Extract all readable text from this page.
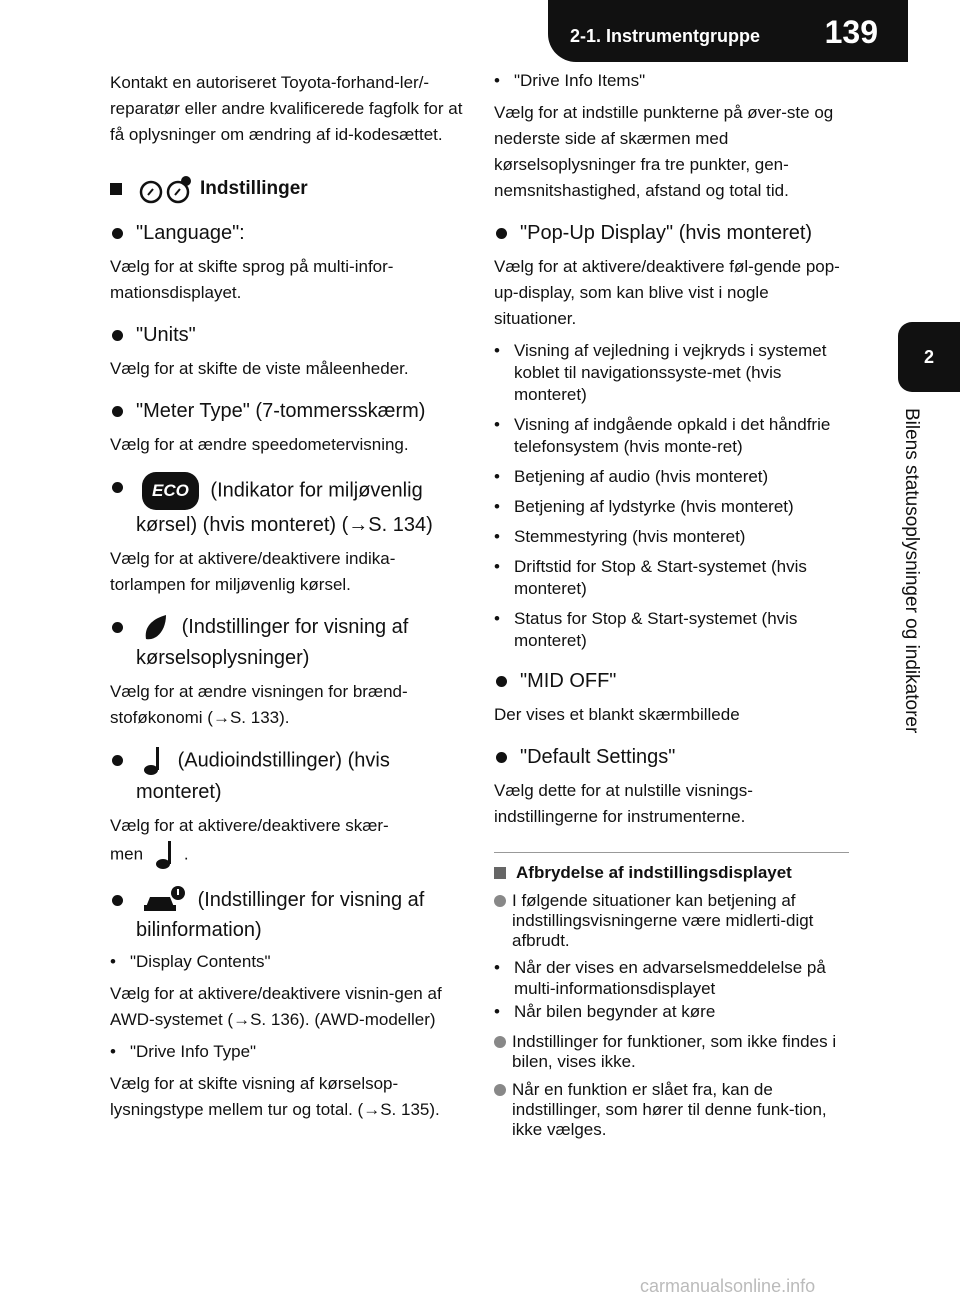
2-1. Instrumentgruppe 139
2
Bilens statusoplysninger og indikatorer

Kontakt en autoriseret Toyota-forhand-ler/-reparatør eller andre kvalificerede fagfolk for at få oplysninger om ændring af id-kodesættet.

Indstillinger
"Language":

Vælg for at skifte sprog på multi-infor-mationsdisplayet.

"Units"

Vælg for at skifte de viste måleenheder.

"Meter Type" (7-tommersskærm)

Vælg for at ændre speedometervisning.

ECO (Indikator for miljøvenlig kørsel) (hvis monteret) (→S. 134)

Vælg for at aktivere/deaktivere indika-torlampen for miljøvenlig kørsel.

(Indstillinger for visning af kørselsoplysninger)

Vælg for at ændre visningen for brænd-stoføkonomi (→S. 133).

(Audioindstillinger) (hvis monteret)

Vælg for at aktivere/deaktivere skær-
men .

(Indstillinger for visning af bilinformation)
• "Display Contents"

Vælg for at aktivere/deaktivere visnin-gen af AWD-systemet (→S. 136). (AWD-modeller)

• "Drive Info Type"

Vælg for at skifte visning af kørselsop-lysningstype mellem tur og total. (→S. 135).

• "Drive Info Items"

Vælg for at indstille punkterne på øver-ste og nederste side af skærmen med kørselsoplysninger fra tre punkter, gen-nemsnitshastighed, afstand og total tid.

"Pop-Up Display" (hvis monteret)

Vælg for at aktivere/deaktivere føl-gende pop-up-display, som kan blive vist i nogle situationer.

• Visning af vejledning i vejkryds i systemet koblet til navigationssyste-met (hvis monteret)
• Visning af indgående opkald i det håndfrie telefonsystem (hvis monte-ret)
• Betjening af audio (hvis monteret)
• Betjening af lydstyrke (hvis monteret)
• Stemmestyring (hvis monteret)
• Driftstid for Stop & Start-systemet (hvis monteret)
• Status for Stop & Start-systemet (hvis monteret)
"MID OFF"

Der vises et blankt skærmbillede

"Default Settings"

Vælg dette for at nulstille visnings-indstillingerne for instrumenterne.

Afbrydelse af indstillingsdisplayet
I følgende situationer kan betjening af indstillingsvisningerne være midlerti-digt afbrudt.
• Når der vises en advarselsmeddelelse på multi-informationsdisplayet
• Når bilen begynder at køre
Indstillinger for funktioner, som ikke findes i bilen, vises ikke.
Når en funktion er slået fra, kan de indstillinger, som hører til denne funk-tion, ikke vælges.
carmanualsonline.info
